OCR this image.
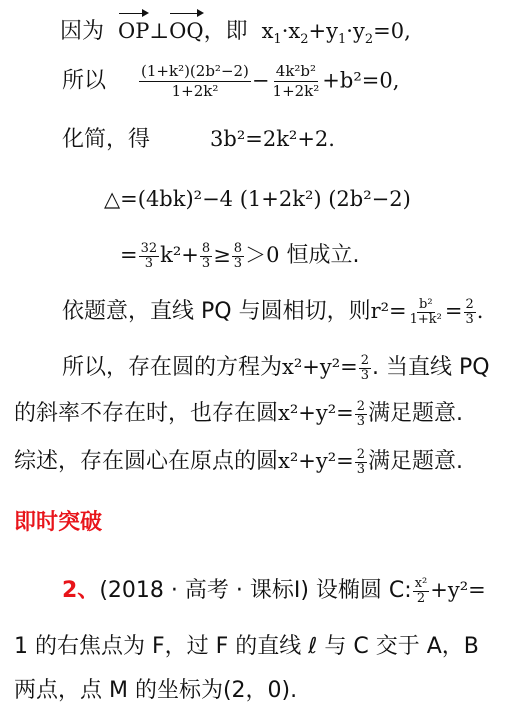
因为 OP⊥OQ，即 $x_1\cdot x_2+y_1\cdot y_2=0$,
所以 $\frac{\text{(1+k²)(2b²−2)}}{\text{1+2k²}} - \frac{\text{4k²b²}}{\text{1+2k²}} +b^2=0$,
化简，得	3b²=2k²+2.
△=(4bk)²−4 (1+2k²) (2b²−2)
= $\frac{32}{3} k^2+ \frac{8}{3} \ge \frac{8}{3} >0$ 恒成立.
依题意，直线 PQ 与圆相切，则$r^2= \frac{\text{b²}}{\text{1+k²}} = \frac{2}{3}$ .
所以，存在圆的方程为$x^2+y^2= \frac{2}{3}$ . 当直线 PQ
的斜率不存在时，也存在圆$x^2+y^2= \frac{2}{3}$ 满足题意.
综述，存在圆心在原点的圆$x^2+y^2= \frac{2}{3}$ 满足题意.
即时突破
2、(2018 · 高考 · 课标Ⅰ) 设椭圆 C: $\frac{\text{x²}}{2} +y^2=$
1 的右焦点为 F，过 F 的直线 ℓ 与 C 交于 A，B
两点，点 M 的坐标为(2，0).
